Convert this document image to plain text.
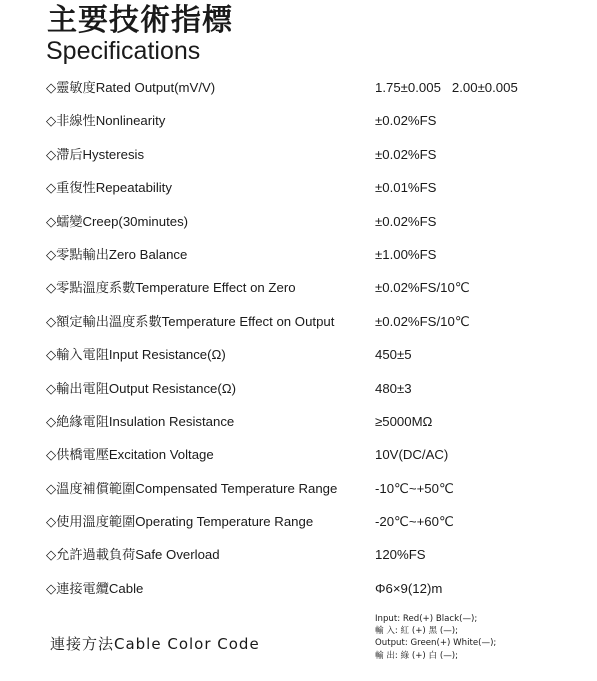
主要技術指標
Specifications
◇靈敏度Rated Output(mV/V)	1.75±0.005   2.00±0.005
◇非線性Nonlinearity	±0.02%FS
◇滯后Hysteresis	±0.02%FS
◇重復性Repeatability	±0.01%FS
◇蠕變Creep(30minutes)	±0.02%FS
◇零點輸出Zero Balance	±1.00%FS
◇零點溫度系數Temperature Effect on Zero	±0.02%FS/10℃
◇額定輸出溫度系數Temperature Effect on Output	±0.02%FS/10℃
◇輸入電阻Input Resistance(Ω)	450±5
◇輸出電阻Output Resistance(Ω)	480±3
◇絶緣電阻Insulation Resistance	≥5000MΩ
◇供橋電壓Excitation Voltage	10V(DC/AC)
◇溫度補償範圍Compensated Temperature Range	-10℃~+50℃
◇使用溫度範圍Operating Temperature Range	-20℃~+60℃
◇允許過載負荷Safe Overload	120%FS
◇連接電纜Cable	Φ6×9(12)m
連接方法Cable Color Code
Input: Red(+) Black(—);
輸 入: 紅 (+) 黑 (—);
Output: Green(+) White(—);
輸 出: 綠 (+) 白 (—);
